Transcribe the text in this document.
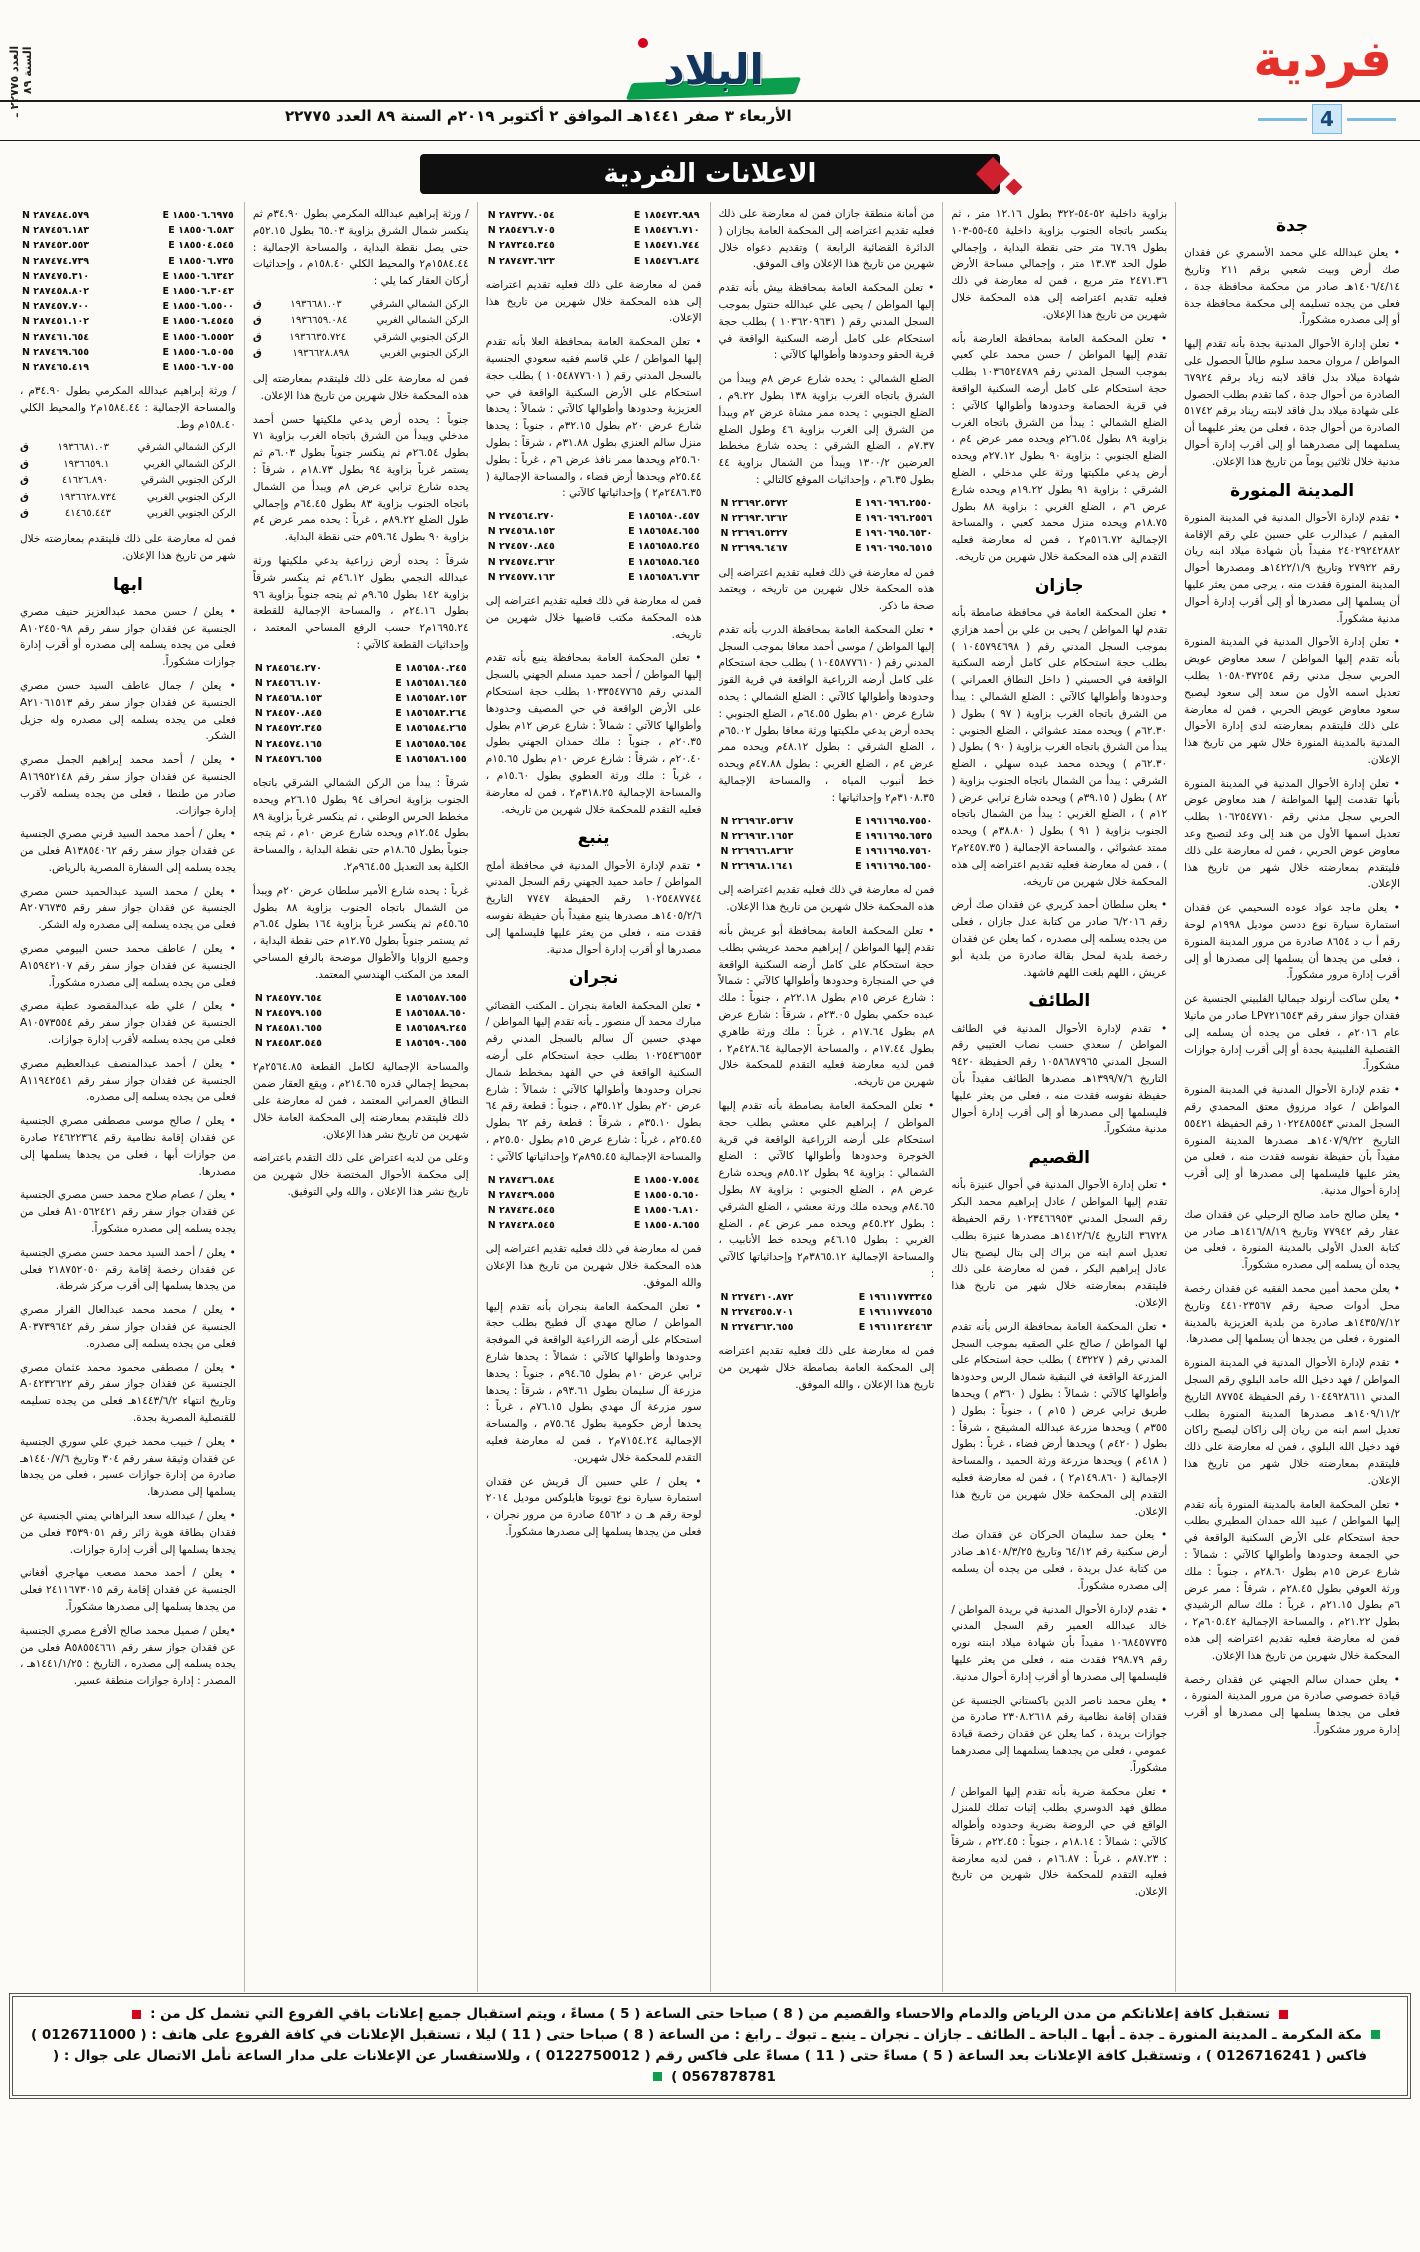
العدد ٢٢٧٧٥ ـ السنة ٨٩	فردية
البلاد
الأربعاء ٣ صفر ١٤٤١هـ الموافق ٢ أكتوبر ٢٠١٩م السنة ٨٩ العدد ٢٢٧٧٥	4
الاعلانات الفردية
جدة

• يعلن عبدالله علي محمد الأسمري عن فقدان صك أرض وبيت شعبي برقم ٢١١ وتاريخ ١٤٠٦/٤/١٤هـ صادر من محكمة محافظة جدة ، فعلى من يجده تسليمه إلى محكمة محافظة جدة أو إلى مصدره مشكوراً.

• تعلن إدارة الأحوال المدنية بجدة بأنه تقدم إليها المواطن / مروان محمد سلوم طالباً الحصول على شهادة ميلاد بدل فاقد لابنه زياد برقم ٦٧٩٢٤ الصادرة من أحوال جدة ، كما تقدم بطلب الحصول على شهادة ميلاد بدل فاقد لابنته ريناد برقم ٥١٧٤٢ الصادرة من أحوال جدة ، فعلى من يعثر عليهما أن يسلمهما إلى مصدرهما أو إلى أقرب إدارة أحوال مدنية خلال ثلاثين يوماً من تاريخ هذا الإعلان.

المدينة المنورة

• تقدم لإدارة الأحوال المدنية في المدينة المنورة المقيم / عبدالرب علي حسين علي رقم الإقامة ٢٤٠٢٩٢٤٢٨٨٢ مفيداً بأن شهادة ميلاد ابنه ريان رقم ٢٧٩٢٢ وتاريخ ١٤٢٢/١/٩هـ ومصدرها أحوال المدينة المنورة فقدت منه ، يرجى ممن يعثر عليها أن يسلمها إلى مصدرها أو إلى أقرب إدارة أحوال مدنية مشكوراً.

• تعلن إدارة الأحوال المدنية في المدينة المنورة بأنه تقدم إليها المواطن / سعد معاوض عويض الحربي سجل مدني رقم ١٠٥٨٠٣٧٢٥٤ بطلب تعديل اسمه الأول من سعد إلى سعود ليصبح سعود معاوض عويض الحربي ، فمن له معارضة على ذلك فليتقدم بمعارضته لدى إدارة الأحوال المدنية بالمدينة المنورة خلال شهر من تاريخ هذا الإعلان.

• تعلن إدارة الأحوال المدنية في المدينة المنورة بأنها تقدمت إليها المواطنة / هند معاوض عوض الحربي سجل مدني رقم ١٠٦٢٥٤٧٧١٠ بطلب تعديل اسمها الأول من هند إلى وعد لتصبح وعد معاوض عوض الحربي ، فمن له معارضة على ذلك فليتقدم بمعارضته خلال شهر من تاريخ هذا الإعلان.

• يعلن ماجد عواد عوده السحيمي عن فقدان استمارة سيارة نوع ددسن موديل ١٩٩٨م لوحة رقم أ ب د ٨٦٥٤ صادرة من مرور المدينة المنورة ، فعلى من يجدها أن يسلمها إلى مصدرها أو إلى أقرب إدارة مرور مشكوراً.

• يعلن ساكت أرنولد جيماليا الفلبيني الجنسية عن فقدان جواز سفر رقم LP٧٢١٦٥٤٣ صادر من مانيلا عام ٢٠١٦م ، فعلى من يجده أن يسلمه إلى القنصلية الفلبينية بجدة أو إلى أقرب إدارة جوازات مشكوراً.

• تقدم لإدارة الأحوال المدنية في المدينة المنورة المواطن / عواد مرزوق معتق المحمدي رقم السجل المدني ١٠٢٢٤٨٥٥٤٣ رقم الحفيظة ٥٥٤٢١ التاريخ ١٤٠٧/٩/٢٢هـ مصدرها المدينة المنورة مفيداً بأن حفيظة نفوسه فقدت منه ، فعلى من يعثر عليها فليسلمها إلى مصدرها أو إلى أقرب إدارة أحوال مدنية.

• يعلن صالح حامد صالح الرحيلي عن فقدان صك عقار رقم ٧٧٩٤٢ وتاريخ ١٤١٦/٨/١٩هـ صادر من كتابة العدل الأولى بالمدينة المنورة ، فعلى من يجده أن يسلمه إلى مصدره مشكوراً.

• يعلن محمد أمين محمد الفقيه عن فقدان رخصة محل أدوات صحية رقم ٤٤١٠٢٣٥٦٧ وتاريخ ١٤٣٥/٧/١٢هـ صادرة من بلدية العزيزية بالمدينة المنورة ، فعلى من يجدها أن يسلمها إلى مصدرها.

• تقدم لإدارة الأحوال المدنية في المدينة المنورة المواطن / فهد دخيل الله حامد البلوي رقم السجل المدني ١٠٤٤٩٢٨٦١١ رقم الحفيظة ٨٧٧٥٤ التاريخ ١٤٠٩/١١/٢هـ مصدرها المدينة المنورة بطلب تعديل اسم ابنه من ريان إلى راكان ليصبح راكان فهد دخيل الله البلوي ، فمن له معارضة على ذلك فليتقدم بمعارضته خلال شهر من تاريخ هذا الإعلان.

• تعلن المحكمة العامة بالمدينة المنورة بأنه تقدم إليها المواطن / عبيد الله حمدان المطيري بطلب حجة استحكام على الأرض السكنية الواقعة في حي الجمعة وحدودها وأطوالها كالآتي : شمالاً : شارع عرض ١٥م بطول ٢٨.٦٠م ، جنوباً : ملك ورثة العوفي بطول ٢٨.٤٥م ، شرقاً : ممر عرض ٦م بطول ٢١.١٥م ، غرباً : ملك سالم الرشيدي بطول ٢١.٢٢م ، والمساحة الإجمالية ٦٠٥.٤٢م٢ ، فمن له معارضة فعليه تقديم اعتراضه إلى هذه المحكمة خلال شهرين من تاريخ هذا الإعلان.

• يعلن حمدان سالم الجهني عن فقدان رخصة قيادة خصوصي صادرة من مرور المدينة المنورة ، فعلى من يجدها يسلمها إلى مصدرها أو أقرب إدارة مرور مشكوراً.

بزاوية داخلية ٥٢-٥٤-٣٢٢ بطول ١٢.١٦ متر ، ثم ينكسر باتجاه الجنوب بزاوية داخلية ٤٥-٥٥-١٠٣ بطول ٦٧.٦٩ متر حتى نقطة البداية ، وإجمالي طول الحد ١٣.٧٣ متر ، وإجمالي مساحة الأرض ٢٤٧١.٣٦ متر مربع ، فمن له معارضة في ذلك فعليه تقديم اعتراضه إلى هذه المحكمة خلال شهرين من تاريخ هذا الإعلان.

• تعلن المحكمة العامة بمحافظة العارضة بأنه تقدم إليها المواطن / حسن محمد علي كعبي بموجب السجل المدني رقم ١٠٣٦٥٢٤٧٨٩ بطلب حجة استحكام على كامل أرضه السكنية الواقعة في قرية الحصامة وحدودها وأطوالها كالآتي : الضلع الشمالي : يبدأ من الشرق باتجاه الغرب بزاوية ٨٩ بطول ٢٦.٥٤م ويحده ممر عرض ٤م ، الضلع الجنوبي : بزاوية ٩٠ بطول ٢٧.١٢م ويحده أرض يدعي ملكيتها ورثة علي مدخلي ، الضلع الشرقي : بزاوية ٩١ بطول ١٩.٢٢م ويحده شارع عرض ٦م ، الضلع الغربي : بزاوية ٨٨ بطول ١٨.٧٥م ويحده منزل محمد كعبي ، والمساحة الإجمالية ٥١٦.٧٢م٢ ، فمن له معارضة فعليه التقدم إلى هذه المحكمة خلال شهرين من تاريخه.

جازان

• تعلن المحكمة العامة في محافظة صامطة بأنه تقدم لها المواطن / يحيى بن علي بن أحمد هزازي بموجب السجل المدني رقم ( ١٠٤٥٧٩٤٦٩٨ ) بطلب حجة استحكام على كامل أرضه السكنية الواقعة في الحسيني ( داخل النطاق العمراني ) وحدودها وأطوالها كالآتي : الضلع الشمالي : يبدأ من الشرق باتجاه الغرب بزاوية ( ٩٧ ) بطول ( ٦٢.٣٠م ) ويحده ممتد عشوائي ، الضلع الجنوبي : يبدأ من الشرق باتجاه الغرب بزاوية ( ٩٠ ) بطول ( ٦٢.٣٠م ) ويحده محمد عبده سهلي ، الضلع الشرقي : يبدأ من الشمال باتجاه الجنوب بزاوية ( ٨٢ ) بطول ( ٣٩.١٥م ) ويحده شارع ترابي عرض ( ١٢م ) ، الضلع الغربي : يبدأ من الشمال باتجاه الجنوب بزاوية ( ٩١ ) بطول ( ٣٨.٨٠م ) ويحده ممتد عشوائي ، والمساحة الإجمالية ( ٢٤٥٧.٣٥م٢ ) ، فمن له معارضة فعليه تقديم اعتراضه إلى هذه المحكمة خلال شهرين من تاريخه.

• يعلن سلطان أحمد كريري عن فقدان صك أرض رقم ٦/٢٠١٦ صادر من كتابة عدل جازان ، فعلى من يجده يسلمه إلى مصدره ، كما يعلن عن فقدان رخصة بلدية لمحل بقالة صادرة من بلدية أبو عريش ، اللهم بلغت اللهم فاشهد.

الطائف

• تقدم لإدارة الأحوال المدنية في الطائف المواطن / سعدي حسب نصاب العتيبي رقم السجل المدني ١٠٥٨٦٨٧٩٦٥ رقم الحفيظة ٩٤٢٠ التاريخ ١٣٩٩/٧/٦هـ مصدرها الطائف مفيداً بأن حفيظة نفوسه فقدت منه ، فعلى من يعثر عليها فليسلمها إلى مصدرها أو إلى أقرب إدارة أحوال مدنية مشكوراً.

القصيم

• تعلن إدارة الأحوال المدنية في أحوال عنيزة بأنه تقدم إليها المواطن / عادل إبراهيم محمد البكر رقم السجل المدني ١٠٢٣٤٦٦٩٥٣ رقم الحفيظة ٣٦٧٢٨ التاريخ ١٤١٢/٦/٤هـ مصدرها عنيزة بطلب تعديل اسم ابنه من براك إلى بتال ليصبح بتال عادل إبراهيم البكر ، فمن له معارضة على ذلك فليتقدم بمعارضته خلال شهر من تاريخ هذا الإعلان.

• تعلن المحكمة العامة بمحافظة الرس بأنه تقدم لها المواطن / صالح علي الصقيه بموجب السجل المدني رقم ( ٤٣٢٢٧ ) بطلب حجة استحكام على المزرعة الواقعة في النبقية شمال الرس وحدودها وأطوالها كالآتي : شمالاً : بطول ( ٣٦٠م ) ويحدها طريق ترابي عرض ( ١٥م ) ، جنوباً : بطول ( ٣٥٥م ) ويحدها مزرعة عبدالله المشيقح ، شرقاً : بطول ( ٤٢٠م ) ويحدها أرض فضاء ، غرباً : بطول ( ٤١٨م ) ويحدها مزرعة ورثة الحميد ، والمساحة الإجمالية ( ١٤٩.٨٦٠م٢ ) ، فمن له معارضة فعليه التقدم إلى المحكمة خلال شهرين من تاريخ هذا الإعلان.

• يعلن حمد سليمان الحركان عن فقدان صك أرض سكنية رقم ٦٤/١٢ وتاريخ ١٤٠٨/٣/٢٥هـ صادر من كتابة عدل بريدة ، فعلى من يجده أن يسلمه إلى مصدره مشكوراً.

• تقدم لإدارة الأحوال المدنية في بريدة المواطن / خالد عبدالله العمير رقم السجل المدني ١٠٦٨٤٥٧٧٣٥ مفيداً بأن شهادة ميلاد ابنته نوره رقم ٢٩٨.٧٩ فقدت منه ، فعلى من يعثر عليها فليسلمها إلى مصدرها أو أقرب إدارة أحوال مدنية.

• يعلن محمد ناصر الدين باكستاني الجنسية عن فقدان إقامة نظامية رقم ٢٣٠٨.٢٦١٨ صادرة من جوازات بريدة ، كما يعلن عن فقدان رخصة قيادة عمومي ، فعلى من يجدهما يسلمهما إلى مصدرهما مشكوراً.

• تعلن محكمة ضرية بأنه تقدم إليها المواطن / مطلق فهد الدوسري بطلب إثبات تملك للمنزل الواقع في حي الروضة بضرية وحدوده وأطواله كالآتي : شمالاً : ١٨.١٤م ، جنوباً : ٢٢.٤٥م ، شرقاً : ٨٧.٢٣م ، غرباً : ١٦.٨٧م ، فمن لديه معارضة فعليه التقدم للمحكمة خلال شهرين من تاريخ الإعلان.

من أمانة منطقة جازان فمن له معارضة على ذلك فعليه تقديم اعتراضه إلى المحكمة العامة بجازان ( الدائرة القضائية الرابعة ) وتقديم دعواه خلال شهرين من تاريخ هذا الإعلان واف الموفق.

• تعلن المحكمة العامة بمحافظة بيش بأنه تقدم إليها المواطن / يحيى علي عبدالله حنتول بموجب السجل المدني رقم ( ١٠٣٦٢٠٩٦٣١ ) بطلب حجة استحكام على كامل أرضه السكنية الواقعة في قرية الحقو وحدودها وأطوالها كالآتي :

الضلع الشمالي : يحده شارع عرض ٨م ويبدأ من الشرق باتجاه الغرب بزاوية ١٣٨ بطول ٩.٢٢م ، الضلع الجنوبي : يحده ممر مشاة عرض ٢م ويبدأ من الشرق إلى الغرب بزاوية ٤٦ وطول الضلع ٧.٣٧م ، الضلع الشرقي : يحده شارع مخطط العرضين ١٣٠٠/٢ ويبدأ من الشمال بزاوية ٤٤ بطول ٦.٣٥م ، وإحداثيات الموقع كالتالي :

N ٢٣٦٩٢.٥٣٧٢	E ١٩٦٠٦٩٦.٢٥٥٠
N ٢٣٦٩٣.٦٣٦٢	E ١٩٦٠٦٩٦.٢٥٥٦
N ٢٣٦٩٦.٥٣٢٧	E ١٩٦٠٦٩٥.٦٥٣٠
N ٢٣٦٩٩.٦٤٦٧	E ١٩٦٠٦٩٥.٦٥١٥

فمن له معارضة في ذلك فعليه تقديم اعتراضه إلى هذه المحكمة خلال شهرين من تاريخه ، ويعتمد صحة ما ذكر.

• تعلن المحكمة العامة بمحافظة الدرب بأنه تقدم إليها المواطن / موسى أحمد معافا بموجب السجل المدني رقم ( ١٠٤٥٨٧٧٦١٠ ) بطلب حجة استحكام على كامل أرضه الزراعية الواقعة في قرية القوز وحدودها وأطوالها كالآتي : الضلع الشمالي : يحده شارع عرض ١٠م بطول ٦٤.٥٥م ، الضلع الجنوبي : يحده أرض يدعي ملكيتها ورثة معافا بطول ٦٥.٠٢م ، الضلع الشرقي : بطول ٤٨.١٢م ويحده ممر عرض ٤م ، الضلع الغربي : بطول ٤٧.٨٨م ويحده خط أنبوب المياه ، والمساحة الإجمالية ٣١٠٨.٣٥م٢ وإحداثياتها :

N ٢٢٦٩٦٢.٥٣٦٧	E ١٩٦١٦٩٥.٧٥٥٠
N ٢٢٦٩٦٣.١٦٥٣	E ١٩٦١٦٩٥.٦٥٣٥
N ٢٢٦٩٦٦.٨٣٦٢	E ١٩٦١٦٩٥.٧٥٦٠
N ٢٢٦٩٦٨.١٦٤١	E ١٩٦١٦٩٥.٦٥٥٠

فمن له معارضة في ذلك فعليه تقديم اعتراضه إلى هذه المحكمة خلال شهرين من تاريخ هذا الإعلان.

• تعلن المحكمة العامة بمحافظة أبو عريش بأنه تقدم إليها المواطن / إبراهيم محمد عريشي بطلب حجة استحكام على كامل أرضه السكنية الواقعة في حي المنجارة وحدودها وأطوالها كالآتي : شمالاً : شارع عرض ١٥م بطول ٢٢.١٨م ، جنوباً : ملك عبده حكمي بطول ٢٣.٠٥م ، شرقاً : شارع عرض ٨م بطول ١٧.٦٤م ، غرباً : ملك ورثة طاهري بطول ١٧.٤٤م ، والمساحة الإجمالية ٤٢٨.٦٤م٢ ، فمن لديه معارضة فعليه التقدم للمحكمة خلال شهرين من تاريخه.

• تعلن المحكمة العامة بصامطة بأنه تقدم إليها المواطن / إبراهيم علي معشي بطلب حجة استحكام على أرضه الزراعية الواقعة في قرية الخوجرة وحدودها وأطوالها كالآتي : الضلع الشمالي : بزاوية ٩٤ بطول ٨٥.١٢م ويحده شارع عرض ٨م ، الضلع الجنوبي : بزاوية ٨٧ بطول ٨٤.٦٥م ويحده ملك ورثة معشي ، الضلع الشرقي : بطول ٤٥.٢٢م ويحده ممر عرض ٤م ، الضلع الغربي : بطول ٤٦.١٥م ويحده خط الأنابيب ، والمساحة الإجمالية ٣٨٦٥.١٢م٢ وإحداثياتها كالآتي :

N ٢٢٧٤٣١٠.٨٧٢	E ١٩٦١١٧٧٣٣٤٥
N ٢٢٧٤٣٥٥.٧٠١	E ١٩٦١١٧٧٤٥٦٥
N ٢٢٧٤٣٦٢.٦٥٥	E ١٩٦١١٢٤٢٤٦٣

فمن له معارضة على ذلك فعليه تقديم اعتراضه إلى المحكمة العامة بصامطة خلال شهرين من تاريخ هذا الإعلان ، والله الموفق.

N ٢٨٧٣٧٧.٠٥٤	E ١٨٥٤٧٣.٩٨٩
N ٢٨٥٤٧٦.٧٠٥	E ١٨٥٤٧٦.٧١٠
N ٢٨٧٣٤٥.٣٤٥	E ١٨٥٤٧١.٧٤٤
N ٢٨٧٤٧٣.٦٢٣	E ١٨٥٤٧٦.٨٣٤

فمن له معارضة على ذلك فعليه تقديم اعتراضه إلى هذه المحكمة خلال شهرين من تاريخ هذا الإعلان.

• تعلن المحكمة العامة بمحافظة العلا بأنه تقدم إليها المواطن / علي قاسم فقيه سعودي الجنسية بالسجل المدني رقم ( ١٠٥٤٨٧٧٦٠١ ) بطلب حجة استحكام على الأرض السكنية الواقعة في حي العزيزية وحدودها وأطوالها كالآتي : شمالاً : يحدها شارع عرض ٢٠م بطول ٣٢.١٥م ، جنوباً : يحدها منزل سالم العنزي بطول ٣١.٨٨م ، شرقاً : بطول ٢٥.٦٠م ويحدها ممر نافذ عرض ٦م ، غرباً : بطول ٢٥.٤٤م ويحدها أرض فضاء ، والمساحة الإجمالية ( ٢٤٨٦.٣٥م٢ ) وإحداثياتها كالآتي :

N ٢٧٤٥٦٤.٢٧٠	E ١٨٥٦٥٨٠.٤٥٧
N ٢٧٤٥٦٨.١٥٣	E ١٨٥٦٥٨٤.٦٥٥
N ٢٧٤٥٧٠.٨٤٥	E ١٨٥٦٥٨٥.٢٤٥
N ٢٧٤٥٧٤.٣٦٢	E ١٨٥٦٥٨٥.٦٤٥
N ٢٧٤٥٧٧.١٦٣	E ١٨٥٦٥٨٦.٧٦٣

فمن له معارضة في ذلك فعليه تقديم اعتراضه إلى هذه المحكمة مكتب قاضيها خلال شهرين من تاريخه.

• تعلن المحكمة العامة بمحافظة ينبع بأنه تقدم إليها المواطن / أحمد حميد مسلم الجهني بالسجل المدني رقم ١٠٣٣٥٤٧٧٦٥ بطلب حجة استحكام على الأرض الواقعة في حي المصيف وحدودها وأطوالها كالآتي : شمالاً : شارع عرض ١٢م بطول ٢٠.٣٥م ، جنوباً : ملك حمدان الجهني بطول ٢٠.٤٠م ، شرقاً : شارع عرض ١٠م بطول ١٥.٦٥م ، غرباً : ملك ورثة العطوي بطول ١٥.٦٠م ، والمساحة الإجمالية ٣١٨.٢٥م٢ ، فمن له معارضة فعليه التقدم للمحكمة خلال شهرين من تاريخه.

ينبع

• تقدم لإدارة الأحوال المدنية في محافظة أملج المواطن / حامد حميد الجهني رقم السجل المدني ١٠٢٥٤٨٧٧٤٤ رقم الحفيظة ٧٧٤٧ التاريخ ١٤٠٥/٢/٦هـ مصدرها ينبع مفيداً بأن حفيظة نفوسه فقدت منه ، فعلى من يعثر عليها فليسلمها إلى مصدرها أو أقرب إدارة أحوال مدنية.

نجران

• تعلن المحكمة العامة بنجران ـ المكتب القضائي مبارك محمد آل منصور ـ بأنه تقدم إليها المواطن / مهدي حسين آل سالم بالسجل المدني رقم ١٠٢٥٤٣٦٥٥٣ بطلب حجة استحكام على أرضه السكنية الواقعة في حي الفهد بمخطط شمال نجران وحدودها وأطوالها كالآتي : شمالاً : شارع عرض ٢٠م بطول ٣٥.١٢م ، جنوباً : قطعة رقم ٦٤ بطول ٣٥.١٠م ، شرقاً : قطعة رقم ٦٢ بطول ٢٥.٤٥م ، غرباً : شارع عرض ١٥م بطول ٢٥.٥٠م ، والمساحة الإجمالية ٨٩٥.٤٥م٢ وإحداثياتها كالآتي :

N ٢٨٧٤٣٦.٥٨٤	E ١٨٥٥٠٧.٥٥٤
N ٢٨٧٤٣٩.٥٥٥	E ١٨٥٥٠٥.٦٥٠
N ٢٨٧٤٣٤.٥٤٥	E ١٨٥٥٠٦.٨١٠
N ٢٨٧٤٣٨.٥٤٥	E ١٨٥٥٠٨.٦٥٥

فمن له معارضة في ذلك فعليه تقديم اعتراضه إلى هذه المحكمة خلال شهرين من تاريخ هذا الإعلان والله الموفق.

• تعلن المحكمة العامة بنجران بأنه تقدم إليها المواطن / صالح مهدي آل فطيح بطلب حجة استحكام على أرضه الزراعية الواقعة في الموفجة وحدودها وأطوالها كالآتي : شمالاً : يحدها شارع ترابي عرض ١٠م بطول ٩٤.٦٥م ، جنوباً : يحدها مزرعة آل سليمان بطول ٩٣.٦١م ، شرقاً : يحدها سور مزرعة آل مهدي بطول ٧٦.١٥م ، غرباً : يحدها أرض حكومية بطول ٧٥.٦٤م ، والمساحة الإجمالية ٧١٥٤.٢٤م٢ ، فمن له معارضة فعليه التقدم للمحكمة خلال شهرين.

• يعلن / علي حسين آل قريش عن فقدان استمارة سيارة نوع تويوتا هايلوكس موديل ٢٠١٤ لوحة رقم هـ ن د ٤٥٦٢ صادرة من مرور نجران ، فعلى من يجدها يسلمها إلى مصدرها مشكوراً.

/ ورثة إبراهيم عبدالله المكرمي بطول ٣٤.٩٠م ثم ينكسر شمال الشرق بزاوية ٦٥.٠٣ بطول ٥٢.١٥م حتى يصل نقطة البداية ، والمساحة الإجمالية : ١٥٨٤.٤٤م٢ والمحيط الكلي ١٥٨.٤٠م ، وإحداثيات أركان العقار كما يلي :

الركن الشمالي الشرقي
١٩٣٦٦٨١.٠٣
ق
الركن الشمالي الغربي
١٩٣٦٦٥٩.٠٨٤
ق
الركن الجنوبي الشرقي
١٩٣٦٦٣٥.٧٢٤
ق
الركن الجنوبي الغربي
١٩٣٦٦٢٨.٨٩٨
ق

فمن له معارضة على ذلك فليتقدم بمعارضته إلى هذه المحكمة خلال شهرين من تاريخ هذا الإعلان.

جنوباً : يحده أرض يدعي ملكيتها حسن أحمد مدخلي ويبدأ من الشرق باتجاه الغرب بزاوية ٧١ بطول ٢٦.٥٤م ثم ينكسر جنوباً بطول ٦.٠٣م ثم يستمر غرباً بزاوية ٩٤ بطول ١٨.٧٣م ، شرقاً : يحده شارع ترابي عرض ٨م ويبدأ من الشمال باتجاه الجنوب بزاوية ٨٣ بطول ٦٤.٤٥م وإجمالي طول الضلع ٨٩.٢٢م ، غرباً : يحده ممر عرض ٤م بزاوية ٩٠ بطول ٥٩.٦٤م حتى نقطة البداية.

شرقاً : يحده أرض زراعية يدعي ملكيتها ورثة عبدالله النجمي بطول ٤٦.١٢م ثم ينكسر شرقاً بزاوية ١٤٢ بطول ٩.٦٥م ثم يتجه جنوباً بزاوية ٩٦ بطول ٢٤.١٦م ، والمساحة الإجمالية للقطعة ١٦٩٥.٢٤م٢ حسب الرفع المساحي المعتمد ، وإحداثيات القطعة كالآتي :

N ٢٨٤٥٦٤.٢٧٠	E ١٨٥٦٥٨٠.٢٤٥
N ٢٨٤٥٦٦.١٧٠	E ١٨٥٦٥٨١.٦٤٥
N ٢٨٤٥٦٨.١٥٣	E ١٨٥٦٥٨٢.١٥٣
N ٢٨٤٥٧٠.٨٤٥	E ١٨٥٦٥٨٣.٢٦٤
N ٢٨٤٥٧٢.٣٤٥	E ١٨٥٦٥٨٤.٢٦٥
N ٢٨٤٥٧٤.١٦٥	E ١٨٥٦٥٨٥.٦٥٤
N ٢٨٤٥٧٦.٦٥٥	E ١٨٥٦٥٨٦.١٥٥

شرقاً : يبدأ من الركن الشمالي الشرقي باتجاه الجنوب بزاوية انحراف ٩٤ بطول ٢٦.١٥م ويحده مخطط الحرس الوطني ، ثم ينكسر غرباً بزاوية ٨٩ بطول ١٢.٥٤م ويحده شارع عرض ١٠م ، ثم يتجه جنوباً بطول ١٨.٦٥م حتى نقطة البداية ، والمساحة الكلية بعد التعديل ٩٦٤.٥٥م٢.

غرباً : يحده شارع الأمير سلطان عرض ٢٠م ويبدأ من الشمال باتجاه الجنوب بزاوية ٨٨ بطول ٤٥.٦٥م ثم ينكسر غرباً بزاوية ١٦٤ بطول ٦.٥٤م ثم يستمر جنوباً بطول ١٢.٧٥م حتى نقطة البداية ، وجميع الزوايا والأطوال موضحة بالرفع المساحي المعد من المكتب الهندسي المعتمد.

N ٢٨٤٥٧٧.٦٥٤	E ١٨٥٦٥٨٧.٦٥٥
N ٢٨٤٥٧٩.١٥٥	E ١٨٥٦٥٨٨.٦٥٠
N ٢٨٤٥٨١.٦٥٥	E ١٨٥٦٥٨٩.٢٤٥
N ٢٨٤٥٨٣.٥٤٥	E ١٨٥٦٥٩٠.٦٥٥

والمساحة الإجمالية لكامل القطعة ٢٥٦٤.٨٥م٢ بمحيط إجمالي قدره ٢١٤.٦٥م ، ويقع العقار ضمن النطاق العمراني المعتمد ، فمن له معارضة على ذلك فليتقدم بمعارضته إلى المحكمة العامة خلال شهرين من تاريخ نشر هذا الإعلان.

وعلى من لديه اعتراض على ذلك التقدم باعتراضه إلى محكمة الأحوال المختصة خلال شهرين من تاريخ نشر هذا الإعلان ، والله ولي التوفيق.

N ٢٨٧٤٨٤.٥٧٩	E ١٨٥٥٠٦.٦٩٧٥
N ٢٨٧٤٥٦.١٨٣	E ١٨٥٥٠٦.٥٨٣
N ٢٨٧٤٥٣.٥٥٣	E ١٨٥٥٠٤.٥٤٥
N ٢٨٧٤٧٤.٧٣٩	E ١٨٥٥٠٦.٧٣٥
N ٢٨٧٤٧٥.٣١٠	E ١٨٥٥٠٦.٦٣٤٢
N ٢٨٧٤٥٨.٨٠٢	E ١٨٥٥٠٦.٣٠٤٣
N ٢٨٧٤٥٧.٧٠٠	E ١٨٥٥٠٦.٥٥٠٠
N ٢٨٧٤٥١.١٠٢	E ١٨٥٥٠٦.٤٥٤٥
N ٢٨٧٤٦١.٦٥٤	E ١٨٥٥٠٦.٥٥٥٢
N ٢٨٧٤٦٩.٦٥٥	E ١٨٥٥٠٦.٥٠٥٥
N ٢٨٧٤٦٥.٤١٩	E ١٨٥٥٠٦.٧٠٥٥

/ ورثة إبراهيم عبدالله المكرمي بطول ٣٤.٩٠م ، والمساحة الإجمالية : ١٥٨٤.٤٤م٢ والمحيط الكلي ١٥٨.٤٠م وط.

الركن الشمالي الشرقي
١٩٣٦٦٨١.٠٣
ق
الركن الشمالي الغربي
١٩٣٦٦٥٩.١
ق
الركن الجنوبي الشرقي
٤١٦٢٦.٨٩٠
ق
الركن الجنوبي الغربي
١٩٣٦٦٢٨.٧٣٤
ق
الركن الجنوبي الغربي
٤١٤٦٥.٤٤٣
ق

فمن له معارضة على ذلك فليتقدم بمعارضته خلال شهر من تاريخ هذا الإعلان.

ابها

• يعلن / حسن محمد عبدالعزيز حنيف مصري الجنسية عن فقدان جواز سفر رقم A١٠٢٤٥٠٩٨ فعلى من يجده يسلمه إلى مصدره أو أقرب إدارة جوازات مشكوراً.

• يعلن / جمال عاطف السيد حسن مصري الجنسية عن فقدان جواز سفر رقم A٢١٠٦١٥١٣ فعلى من يجده يسلمه إلى مصدره وله جزيل الشكر.

• يعلن / أحمد محمد إبراهيم الجمل مصري الجنسية عن فقدان جواز سفر رقم A١٦٩٥٢١٤٨ صادر من طنطا ، فعلى من يجده يسلمه لأقرب إدارة جوازات.

• يعلن / أحمد محمد السيد قرني مصري الجنسية عن فقدان جواز سفر رقم A١٣٨٥٤٠٦٢ فعلى من يجده يسلمه إلى السفارة المصرية بالرياض.

• يعلن / محمد السيد عبدالحميد حسن مصري الجنسية عن فقدان جواز سفر رقم A٢٠٧٦٧٣٥ فعلى من يجده يسلمه إلى مصدره وله الشكر.

• يعلن / عاطف محمد حسن البيومي مصري الجنسية عن فقدان جواز سفر رقم A١٥٩٤٢١٠٧ فعلى من يجده يسلمه إلى مصدره مشكوراً.

• يعلن / علي طه عبدالمقصود عطية مصري الجنسية عن فقدان جواز سفر رقم A١٠٥٧٣٥٥٤ فعلى من يجده يسلمه لأقرب إدارة جوازات.

• يعلن / أحمد عبدالمنصف عبدالعظيم مصري الجنسية عن فقدان جواز سفر رقم A١١٩٤٢٥٤١ فعلى من يجده يسلمه إلى مصدره.

• يعلن / صالح موسى مصطفى مصري الجنسية عن فقدان إقامة نظامية رقم ٢٤٦٢٢٣٦٤ صادرة من جوازات أبها ، فعلى من يجدها يسلمها إلى مصدرها.

• يعلن / عصام صلاح محمد حسن مصري الجنسية عن فقدان جواز سفر رقم A١٠٥٦٢٤٢١ فعلى من يجده يسلمه إلى مصدره مشكوراً.

• يعلن / أحمد السيد محمد حسن مصري الجنسية عن فقدان رخصة إقامة رقم ٢١٨٧٥٢٠٥٠ فعلى من يجدها يسلمها إلى أقرب مركز شرطة.

• يعلن / محمد محمد عبدالعال الفرار مصري الجنسية عن فقدان جواز سفر رقم A٠٣٧٣٩٦٤٢ فعلى من يجده يسلمه إلى مصدره.

• يعلن / مصطفى محمود محمد عثمان مصري الجنسية عن فقدان جواز سفر رقم A٠٤٢٣٢٦٢٢ وتاريخ انتهاء ١٤٤٣/٦/٢هـ فعلى من يجده تسليمه للقنصلية المصرية بجدة.

• يعلن / خبيب محمد خيري علي سوري الجنسية عن فقدان وثيقة سفر رقم ٣٠٤ وتاريخ ١٤٤٠/٧/٦هـ صادرة من إدارة جوازات عسير ، فعلى من يجدها يسلمها إلى مصدرها.

• يعلن / عبدالله سعد البراهاني يمني الجنسية عن فقدان بطاقة هوية زائر رقم ٣٥٣٩٠٥١ فعلى من يجدها يسلمها إلى أقرب إدارة جوازات.

• يعلن / أحمد محمد مصعب مهاجري أفغاني الجنسية عن فقدان إقامة رقم ٢٤١١٦٧٣٠١٥ فعلى من يجدها يسلمها إلى مصدرها مشكوراً.

•يعلن / صميل محمد صالح الأفرع مصري الجنسية عن فقدان جواز سفر رقم A٥٨٥٥٤٦٦١ فعلى من يجده يسلمه إلى مصدره ، التاريخ : ١٤٤١/١/٢٥هـ ، المصدر : إدارة جوازات منطقة عسير.

تستقبل كافة إعلاناتكم من مدن الرياض والدمام والاحساء والقصيم من ( 8 ) صباحا حتى الساعة ( 5 ) مساءً ، ويتم استقبال جميع إعلانات باقي الفروع التي تشمل كل من :
مكة المكرمة ـ المدينة المنورة ـ جدة ـ أبها ـ الباحة ـ الطائف ـ جازان ـ نجران ـ ينبع ـ تبوك ـ رابغ : من الساعة ( 8 ) صباحا حتى ( 11 ) ليلا ، تستقبل الإعلانات في كافة الفروع على هاتف : ( 0126711000 ) فاكس ( 0126716241 ) ، وتستقبل كافة الإعلانات بعد الساعة ( 5 ) مساءً حتى ( 11 ) مساءً على فاكس رقم ( 0122750012 ) ، وللاستفسار عن الإعلانات على مدار الساعة نأمل الاتصال على جوال : ( 0567878781 )
